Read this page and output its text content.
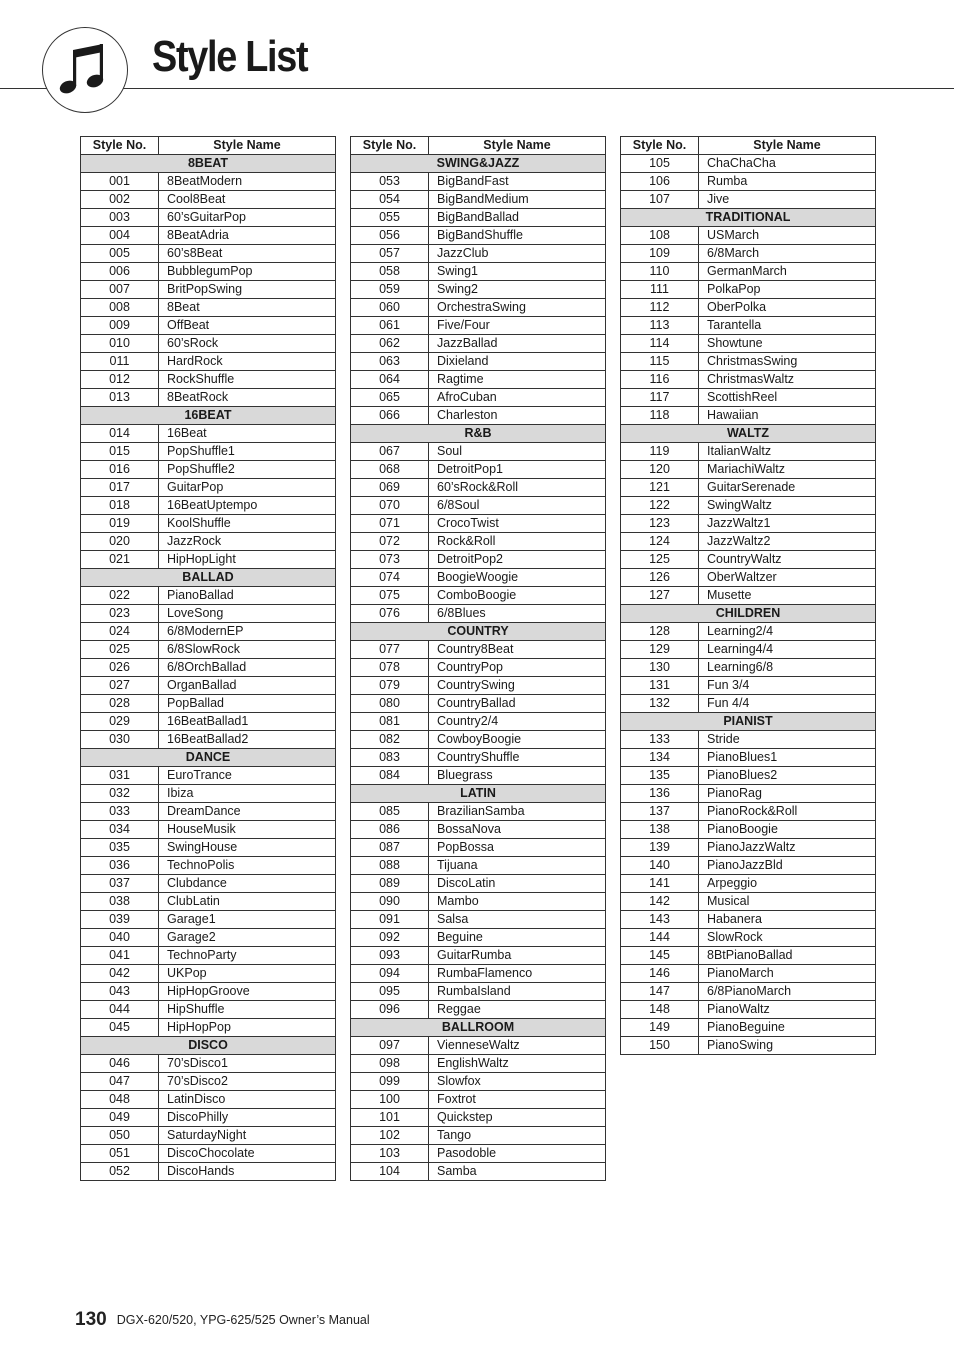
Style List
Style No.	Style Name
8BEAT	
001	8BeatModern
002	Cool8Beat
003	60’sGuitarPop
004	8BeatAdria
005	60’s8Beat
006	BubblegumPop
007	BritPopSwing
008	8Beat
009	OffBeat
010	60’sRock
011	HardRock
012	RockShuffle
013	8BeatRock
16BEAT	
014	16Beat
015	PopShuffle1
016	PopShuffle2
017	GuitarPop
018	16BeatUptempo
019	KoolShuffle
020	JazzRock
021	HipHopLight
BALLAD	
022	PianoBallad
023	LoveSong
024	6/8ModernEP
025	6/8SlowRock
026	6/8OrchBallad
027	OrganBallad
028	PopBallad
029	16BeatBallad1
030	16BeatBallad2
DANCE	
031	EuroTrance
032	Ibiza
033	DreamDance
034	HouseMusik
035	SwingHouse
036	TechnoPolis
037	Clubdance
038	ClubLatin
039	Garage1
040	Garage2
041	TechnoParty
042	UKPop
043	HipHopGroove
044	HipShuffle
045	HipHopPop
DISCO	
046	70’sDisco1
047	70’sDisco2
048	LatinDisco
049	DiscoPhilly
050	SaturdayNight
051	DiscoChocolate
052	DiscoHands
Style No.	Style Name
SWING&JAZZ	
053	BigBandFast
054	BigBandMedium
055	BigBandBallad
056	BigBandShuffle
057	JazzClub
058	Swing1
059	Swing2
060	OrchestraSwing
061	Five/Four
062	JazzBallad
063	Dixieland
064	Ragtime
065	AfroCuban
066	Charleston
R&B	
067	Soul
068	DetroitPop1
069	60’sRock&Roll
070	6/8Soul
071	CrocoTwist
072	Rock&Roll
073	DetroitPop2
074	BoogieWoogie
075	ComboBoogie
076	6/8Blues
COUNTRY	
077	Country8Beat
078	CountryPop
079	CountrySwing
080	CountryBallad
081	Country2/4
082	CowboyBoogie
083	CountryShuffle
084	Bluegrass
LATIN	
085	BrazilianSamba
086	BossaNova
087	PopBossa
088	Tijuana
089	DiscoLatin
090	Mambo
091	Salsa
092	Beguine
093	GuitarRumba
094	RumbaFlamenco
095	RumbaIsland
096	Reggae
BALLROOM	
097	VienneseWaltz
098	EnglishWaltz
099	Slowfox
100	Foxtrot
101	Quickstep
102	Tango
103	Pasodoble
104	Samba
Style No.	Style Name
105	ChaChaCha
106	Rumba
107	Jive
TRADITIONAL	
108	USMarch
109	6/8March
110	GermanMarch
111	PolkaPop
112	OberPolka
113	Tarantella
114	Showtune
115	ChristmasSwing
116	ChristmasWaltz
117	ScottishReel
118	Hawaiian
WALTZ	
119	ItalianWaltz
120	MariachiWaltz
121	GuitarSerenade
122	SwingWaltz
123	JazzWaltz1
124	JazzWaltz2
125	CountryWaltz
126	OberWaltzer
127	Musette
CHILDREN	
128	Learning2/4
129	Learning4/4
130	Learning6/8
131	Fun 3/4
132	Fun 4/4
PIANIST	
133	Stride
134	PianoBlues1
135	PianoBlues2
136	PianoRag
137	PianoRock&Roll
138	PianoBoogie
139	PianoJazzWaltz
140	PianoJazzBld
141	Arpeggio
142	Musical
143	Habanera
144	SlowRock
145	8BtPianoBallad
146	PianoMarch
147	6/8PianoMarch
148	PianoWaltz
149	PianoBeguine
150	PianoSwing
130 DGX-620/520, YPG-625/525 Owner’s Manual
